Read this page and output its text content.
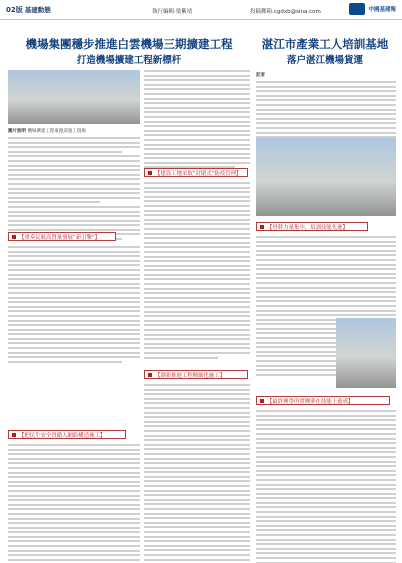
02版 基建動態	執行編輯·梁紫靖	投稿郵箱:cgdxb@sina.com	中國基建報
機場集團穩步推進白雲機場三期擴建工程
打造機場擴建工程新標杆
圖片說明 機場擴建工程東跑道施工現場
【重奏民航高質量發展“新引擎”】
【把民生安全貫徹入網絡構造施工】
【建設工地采取“封閉式”防疫管理】
【創新推進工程精細化施工】
湛江市產業工人培訓基地
落户湛江機場貨運
記者
【骨幹力量集中，培訓技能先進】
【最終興學所實團夢在技能上養成】
